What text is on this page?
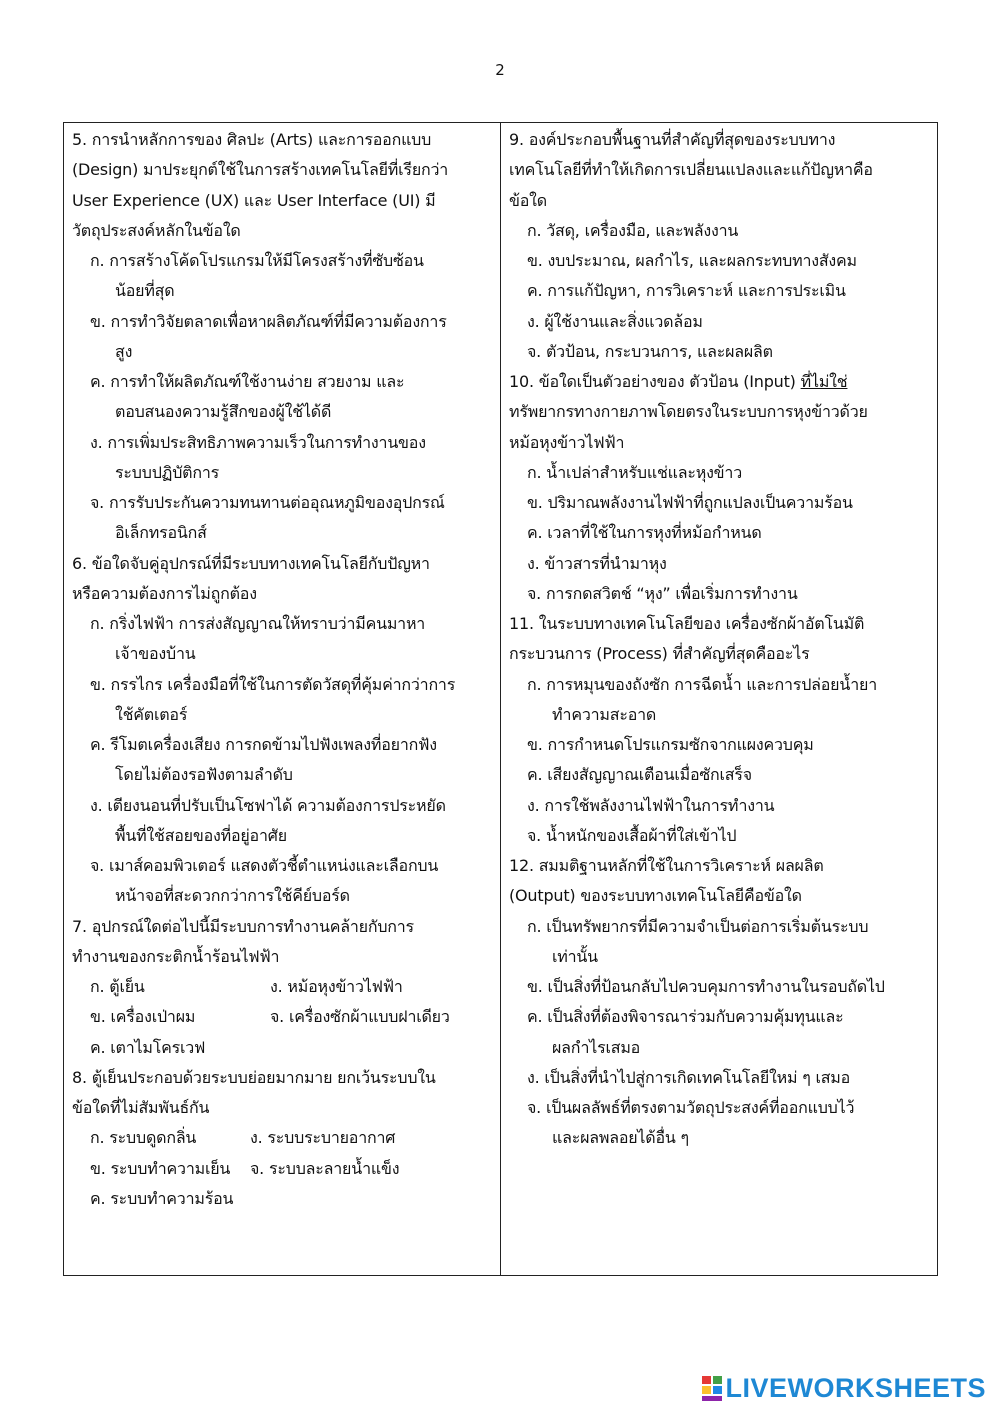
2
5. การนำหลักการของ ศิลปะ (Arts) และการออกแบบ
(Design) มาประยุกต์ใช้ในการสร้างเทคโนโลยีที่เรียกว่า
User Experience (UX) และ User Interface (UI) มี
วัตถุประสงค์หลักในข้อใด
ก. การสร้างโค้ดโปรแกรมให้มีโครงสร้างที่ซับซ้อน
น้อยที่สุด
ข. การทำวิจัยตลาดเพื่อหาผลิตภัณฑ์ที่มีความต้องการ
สูง
ค. การทำให้ผลิตภัณฑ์ใช้งานง่าย สวยงาม และ
ตอบสนองความรู้สึกของผู้ใช้ได้ดี
ง. การเพิ่มประสิทธิภาพความเร็วในการทำงานของ
ระบบปฏิบัติการ
จ. การรับประกันความทนทานต่ออุณหภูมิของอุปกรณ์
อิเล็กทรอนิกส์
6. ข้อใดจับคู่อุปกรณ์ที่มีระบบทางเทคโนโลยีกับปัญหา
หรือความต้องการไม่ถูกต้อง
ก. กริ่งไฟฟ้า การส่งสัญญาณให้ทราบว่ามีคนมาหา
เจ้าของบ้าน
ข. กรรไกร เครื่องมือที่ใช้ในการตัดวัสดุที่คุ้มค่ากว่าการ
ใช้คัตเตอร์
ค. รีโมตเครื่องเสียง การกดข้ามไปฟังเพลงที่อยากฟัง
โดยไม่ต้องรอฟังตามลำดับ
ง. เตียงนอนที่ปรับเป็นโซฟาได้ ความต้องการประหยัด
พื้นที่ใช้สอยของที่อยู่อาศัย
จ. เมาส์คอมพิวเตอร์ แสดงตัวชี้ตำแหน่งและเลือกบน
หน้าจอที่สะดวกกว่าการใช้คีย์บอร์ด
7. อุปกรณ์ใดต่อไปนี้มีระบบการทำงานคล้ายกับการ
ทำงานของกระติกน้ำร้อนไฟฟ้า
ก. ตู้เย็น	ง. หม้อหุงข้าวไฟฟ้า
ข. เครื่องเป่าผม	จ. เครื่องซักผ้าแบบฝาเดียว
ค. เตาไมโครเวฟ
8. ตู้เย็นประกอบด้วยระบบย่อยมากมาย ยกเว้นระบบใน
ข้อใดที่ไม่สัมพันธ์กัน
ก. ระบบดูดกลิ่น	ง. ระบบระบายอากาศ
ข. ระบบทำความเย็น	จ. ระบบละลายน้ำแข็ง
ค. ระบบทำความร้อน
9. องค์ประกอบพื้นฐานที่สำคัญที่สุดของระบบทาง
เทคโนโลยีที่ทำให้เกิดการเปลี่ยนแปลงและแก้ปัญหาคือ
ข้อใด
ก. วัสดุ, เครื่องมือ, และพลังงาน
ข. งบประมาณ, ผลกำไร, และผลกระทบทางสังคม
ค. การแก้ปัญหา, การวิเคราะห์ และการประเมิน
ง. ผู้ใช้งานและสิ่งแวดล้อม
จ. ตัวป้อน, กระบวนการ, และผลผลิต
10. ข้อใดเป็นตัวอย่างของ ตัวป้อน (Input) ที่ไม่ใช่
ทรัพยากรทางกายภาพโดยตรงในระบบการหุงข้าวด้วย
หม้อหุงข้าวไฟฟ้า
ก. น้ำเปล่าสำหรับแช่และหุงข้าว
ข. ปริมาณพลังงานไฟฟ้าที่ถูกแปลงเป็นความร้อน
ค. เวลาที่ใช้ในการหุงที่หม้อกำหนด
ง. ข้าวสารที่นำมาหุง
จ. การกดสวิตช์ “หุง” เพื่อเริ่มการทำงาน
11. ในระบบทางเทคโนโลยีของ เครื่องซักผ้าอัตโนมัติ
กระบวนการ (Process) ที่สำคัญที่สุดคืออะไร
ก. การหมุนของถังซัก การฉีดน้ำ และการปล่อยน้ำยา
ทำความสะอาด
ข. การกำหนดโปรแกรมซักจากแผงควบคุม
ค. เสียงสัญญาณเตือนเมื่อซักเสร็จ
ง. การใช้พลังงานไฟฟ้าในการทำงาน
จ. น้ำหนักของเสื้อผ้าที่ใส่เข้าไป
12. สมมติฐานหลักที่ใช้ในการวิเคราะห์ ผลผลิต
(Output) ของระบบทางเทคโนโลยีคือข้อใด
ก. เป็นทรัพยากรที่มีความจำเป็นต่อการเริ่มต้นระบบ
เท่านั้น
ข. เป็นสิ่งที่ป้อนกลับไปควบคุมการทำงานในรอบถัดไป
ค. เป็นสิ่งที่ต้องพิจารณาร่วมกับความคุ้มทุนและ
ผลกำไรเสมอ
ง. เป็นสิ่งที่นำไปสู่การเกิดเทคโนโลยีใหม่ ๆ เสมอ
จ. เป็นผลลัพธ์ที่ตรงตามวัตถุประสงค์ที่ออกแบบไว้
และผลพลอยได้อื่น ๆ
LIVEWORKSHEETS
